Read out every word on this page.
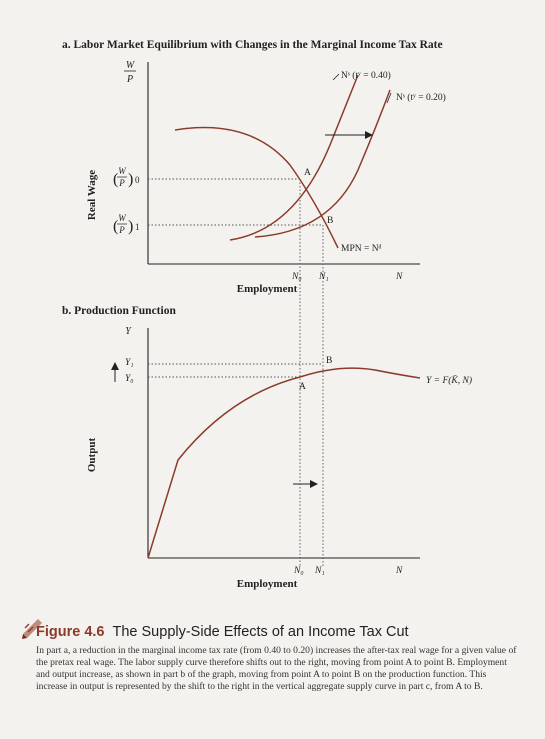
a. Labor Market Equilibrium with Changes in the Marginal Income Tax Rate
W
P
Real Wage ( W
P ) 0
( W
P ) 1
Nˢ (tʸ = 0.40)
Nˢ (tʸ = 0.20)
MPN = Nᵈ
A
B
N₀ N₁	N
Employment
b. Production Function
Y
Output
Y₁
Y₀
A
B
Y = F(K̄, N)
N₀ N₁	N
Employment
Figure 4.6 The Supply-Side Effects of an Income Tax Cut
In part a, a reduction in the marginal income tax rate (from 0.40 to 0.20) increases the after-tax real wage for a given value of the pretax real wage. The labor supply curve therefore shifts out to the right, moving from point A to point B. Employment and output increase, as shown in part b of the graph, moving from point A to point B on the production function. This increase in output is represented by the shift to the right in the vertical aggregate supply curve in part c, from A to B.
